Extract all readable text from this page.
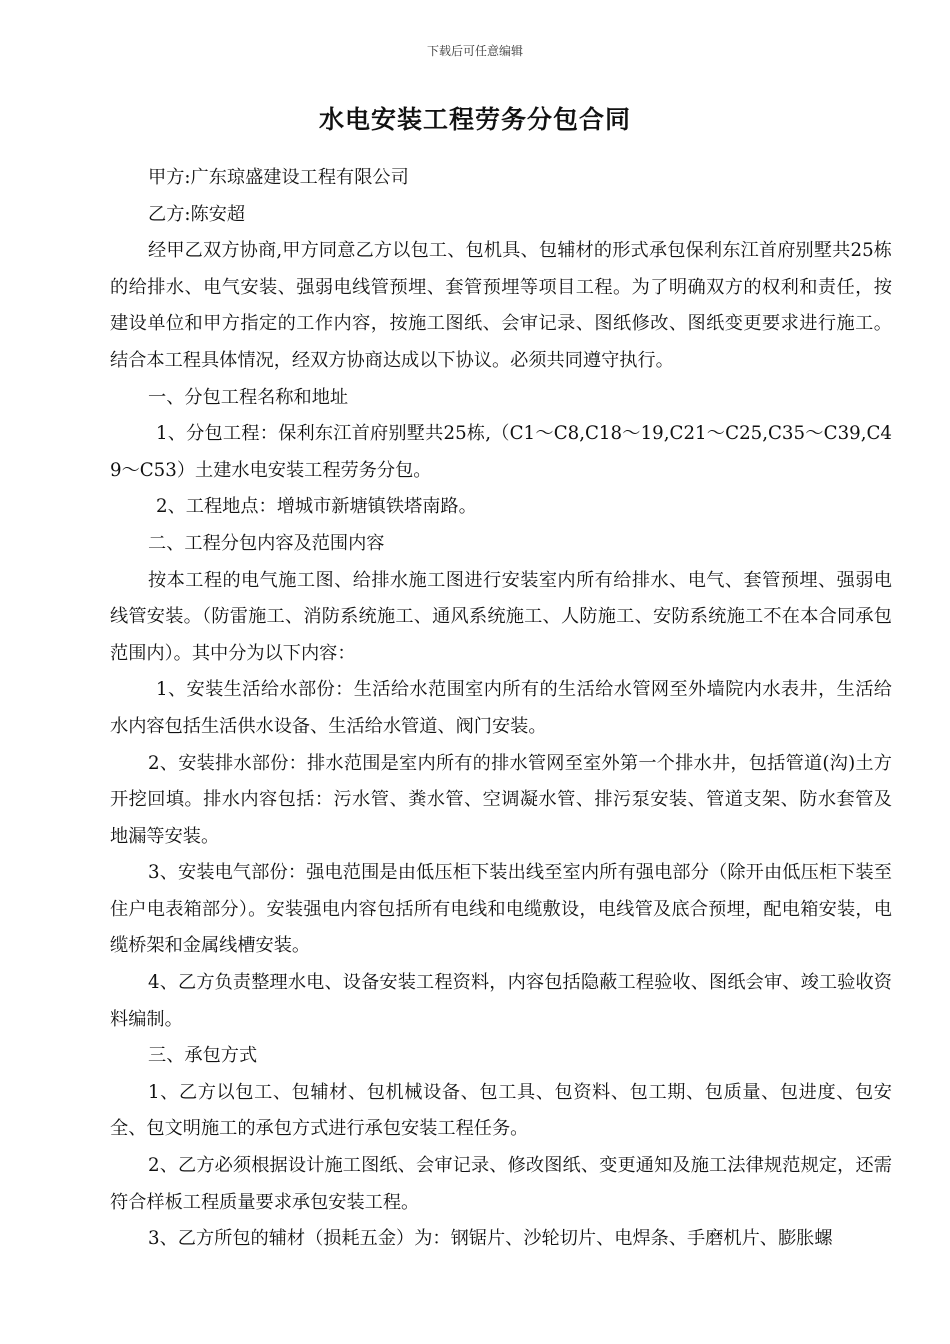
下载后可任意编辑
水电安装工程劳务分包合同

甲方:广东琼盛建设工程有限公司

乙方:陈安超

经甲乙双方协商,甲方同意乙方以包工、包机具、包辅材的形式承包保利东江首府别墅共25栋的给排水、电气安装、强弱电线管预埋、套管预埋等项目工程。为了明确双方的权利和责任，按建设单位和甲方指定的工作内容，按施工图纸、会审记录、图纸修改、图纸变更要求进行施工。结合本工程具体情况，经双方协商达成以下协议。必须共同遵守执行。

一、分包工程名称和地址

1、分包工程：保利东江首府别墅共25栋,（C1～C8,C18～19,C21～C25,C35～C39,C49～C53）土建水电安装工程劳务分包。

2、工程地点：增城市新塘镇铁塔南路。

二、工程分包内容及范围内容

按本工程的电气施工图、给排水施工图进行安装室内所有给排水、电气、套管预埋、强弱电线管安装。（防雷施工、消防系统施工、通风系统施工、人防施工、安防系统施工不在本合同承包范围内）。其中分为以下内容：

1、安装生活给水部份：生活给水范围室内所有的生活给水管网至外墙院内水表井，生活给水内容包括生活供水设备、生活给水管道、阀门安装。

2、安装排水部份：排水范围是室内所有的排水管网至室外第一个排水井，包括管道(沟)土方开挖回填。排水内容包括：污水管、粪水管、空调凝水管、排污泵安装、管道支架、防水套管及地漏等安装。

3、安装电气部份：强电范围是由低压柜下装出线至室内所有强电部分（除开由低压柜下装至住户电表箱部分）。安装强电内容包括所有电线和电缆敷设，电线管及底合预埋，配电箱安装，电缆桥架和金属线槽安装。

4、乙方负责整理水电、设备安装工程资料，内容包括隐蔽工程验收、图纸会审、竣工验收资料编制。

三、承包方式

1、乙方以包工、包辅材、包机械设备、包工具、包资料、包工期、包质量、包进度、包安全、包文明施工的承包方式进行承包安装工程任务。

2、乙方必须根据设计施工图纸、会审记录、修改图纸、变更通知及施工法律规范规定，还需符合样板工程质量要求承包安装工程。

3、乙方所包的辅材（损耗五金）为：钢锯片、沙轮切片、电焊条、手磨机片、膨胀螺
